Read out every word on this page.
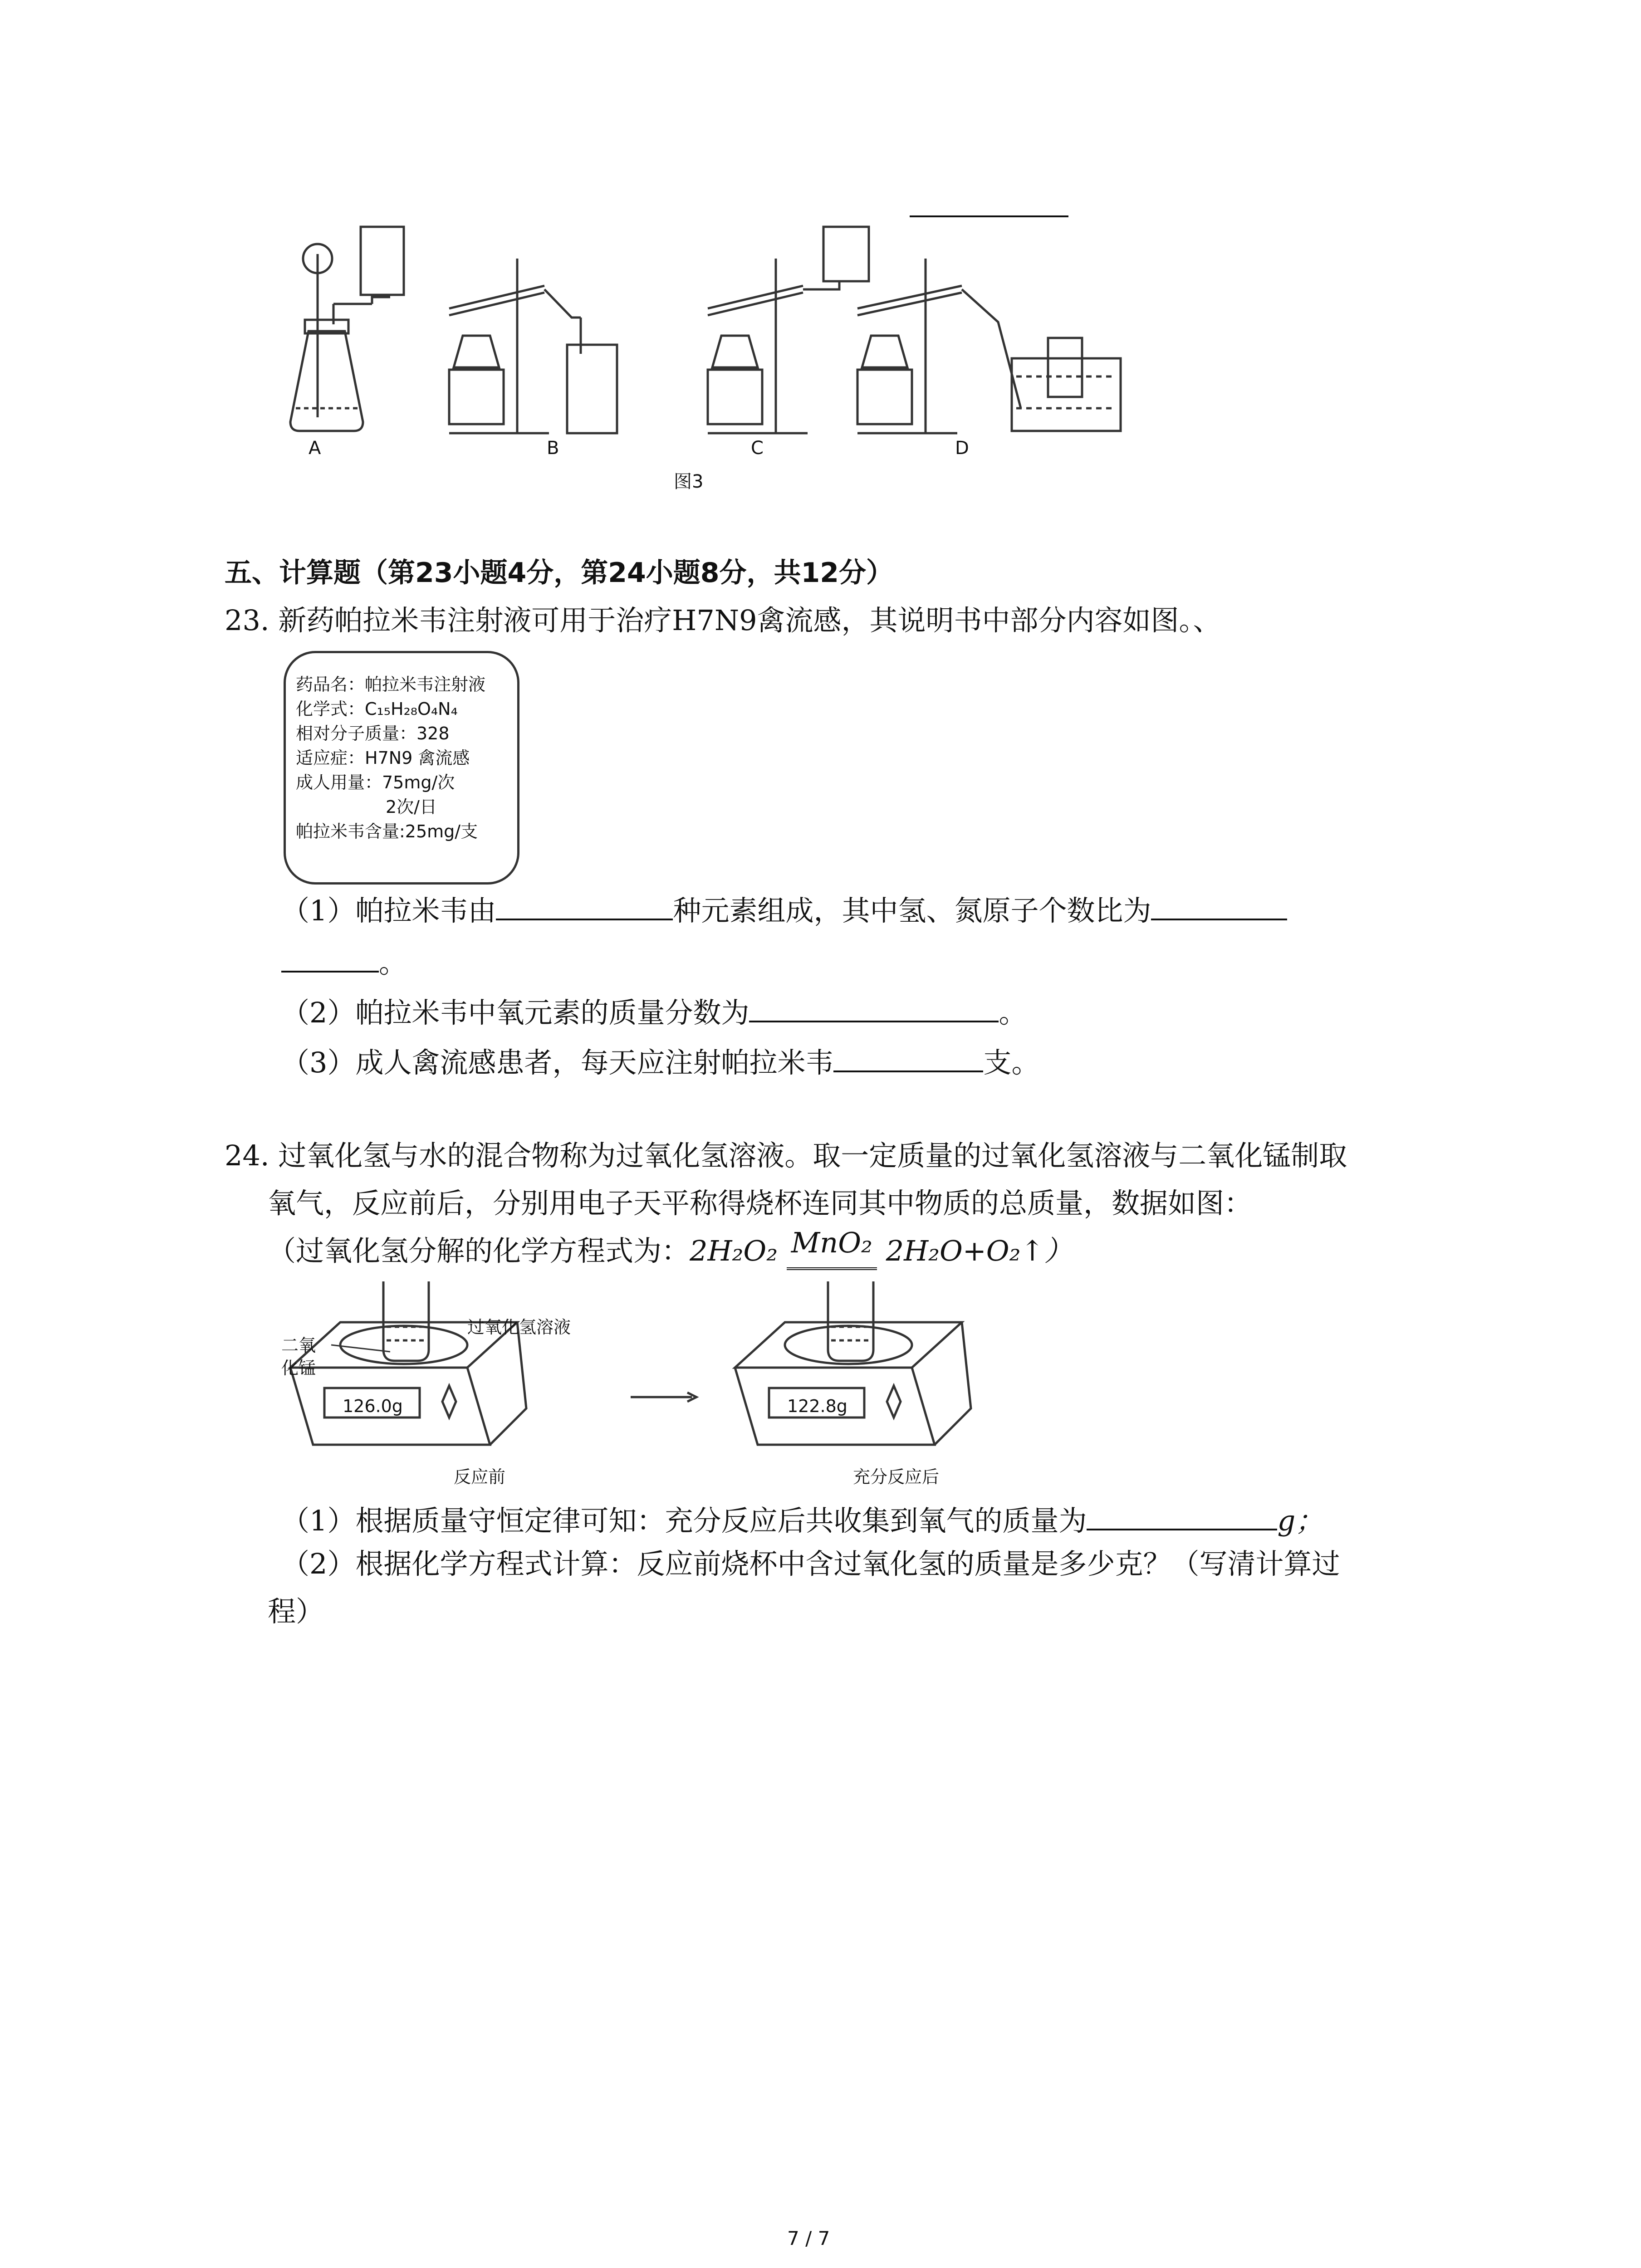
A	B	C	D
图3
五、计算题（第23小题4分，第24小题8分，共12分）
23. 新药帕拉米韦注射液可用于治疗H7N9禽流感，其说明书中部分内容如图。、
药品名：帕拉米韦注射液
化学式：C₁₅H₂₈O₄N₄
相对分子质量：328
适应症：H7N9 禽流感
成人用量：75mg/次
2次/日
帕拉米韦含量:25mg/支
（1）帕拉米韦由	种元素组成，其中氢、氮原子个数比为
。
（2）帕拉米韦中氧元素的质量分数为	。
（3）成人禽流感患者，每天应注射帕拉米韦	支。
24. 过氧化氢与水的混合物称为过氧化氢溶液。取一定质量的过氧化氢溶液与二氧化锰制取
氧气，反应前后，分别用电子天平称得烧杯连同其中物质的总质量，数据如图：
（过氧化氢分解的化学方程式为：2H₂O₂ MnO₂ 2H₂O+O₂↑）
过氧化氢溶液
二氧
化锰
126.0g	122.8g
反应前	充分反应后
（1）根据质量守恒定律可知：充分反应后共收集到氧气的质量为	g；
（2）根据化学方程式计算：反应前烧杯中含过氧化氢的质量是多少克？（写清计算过
程）
7 / 7
